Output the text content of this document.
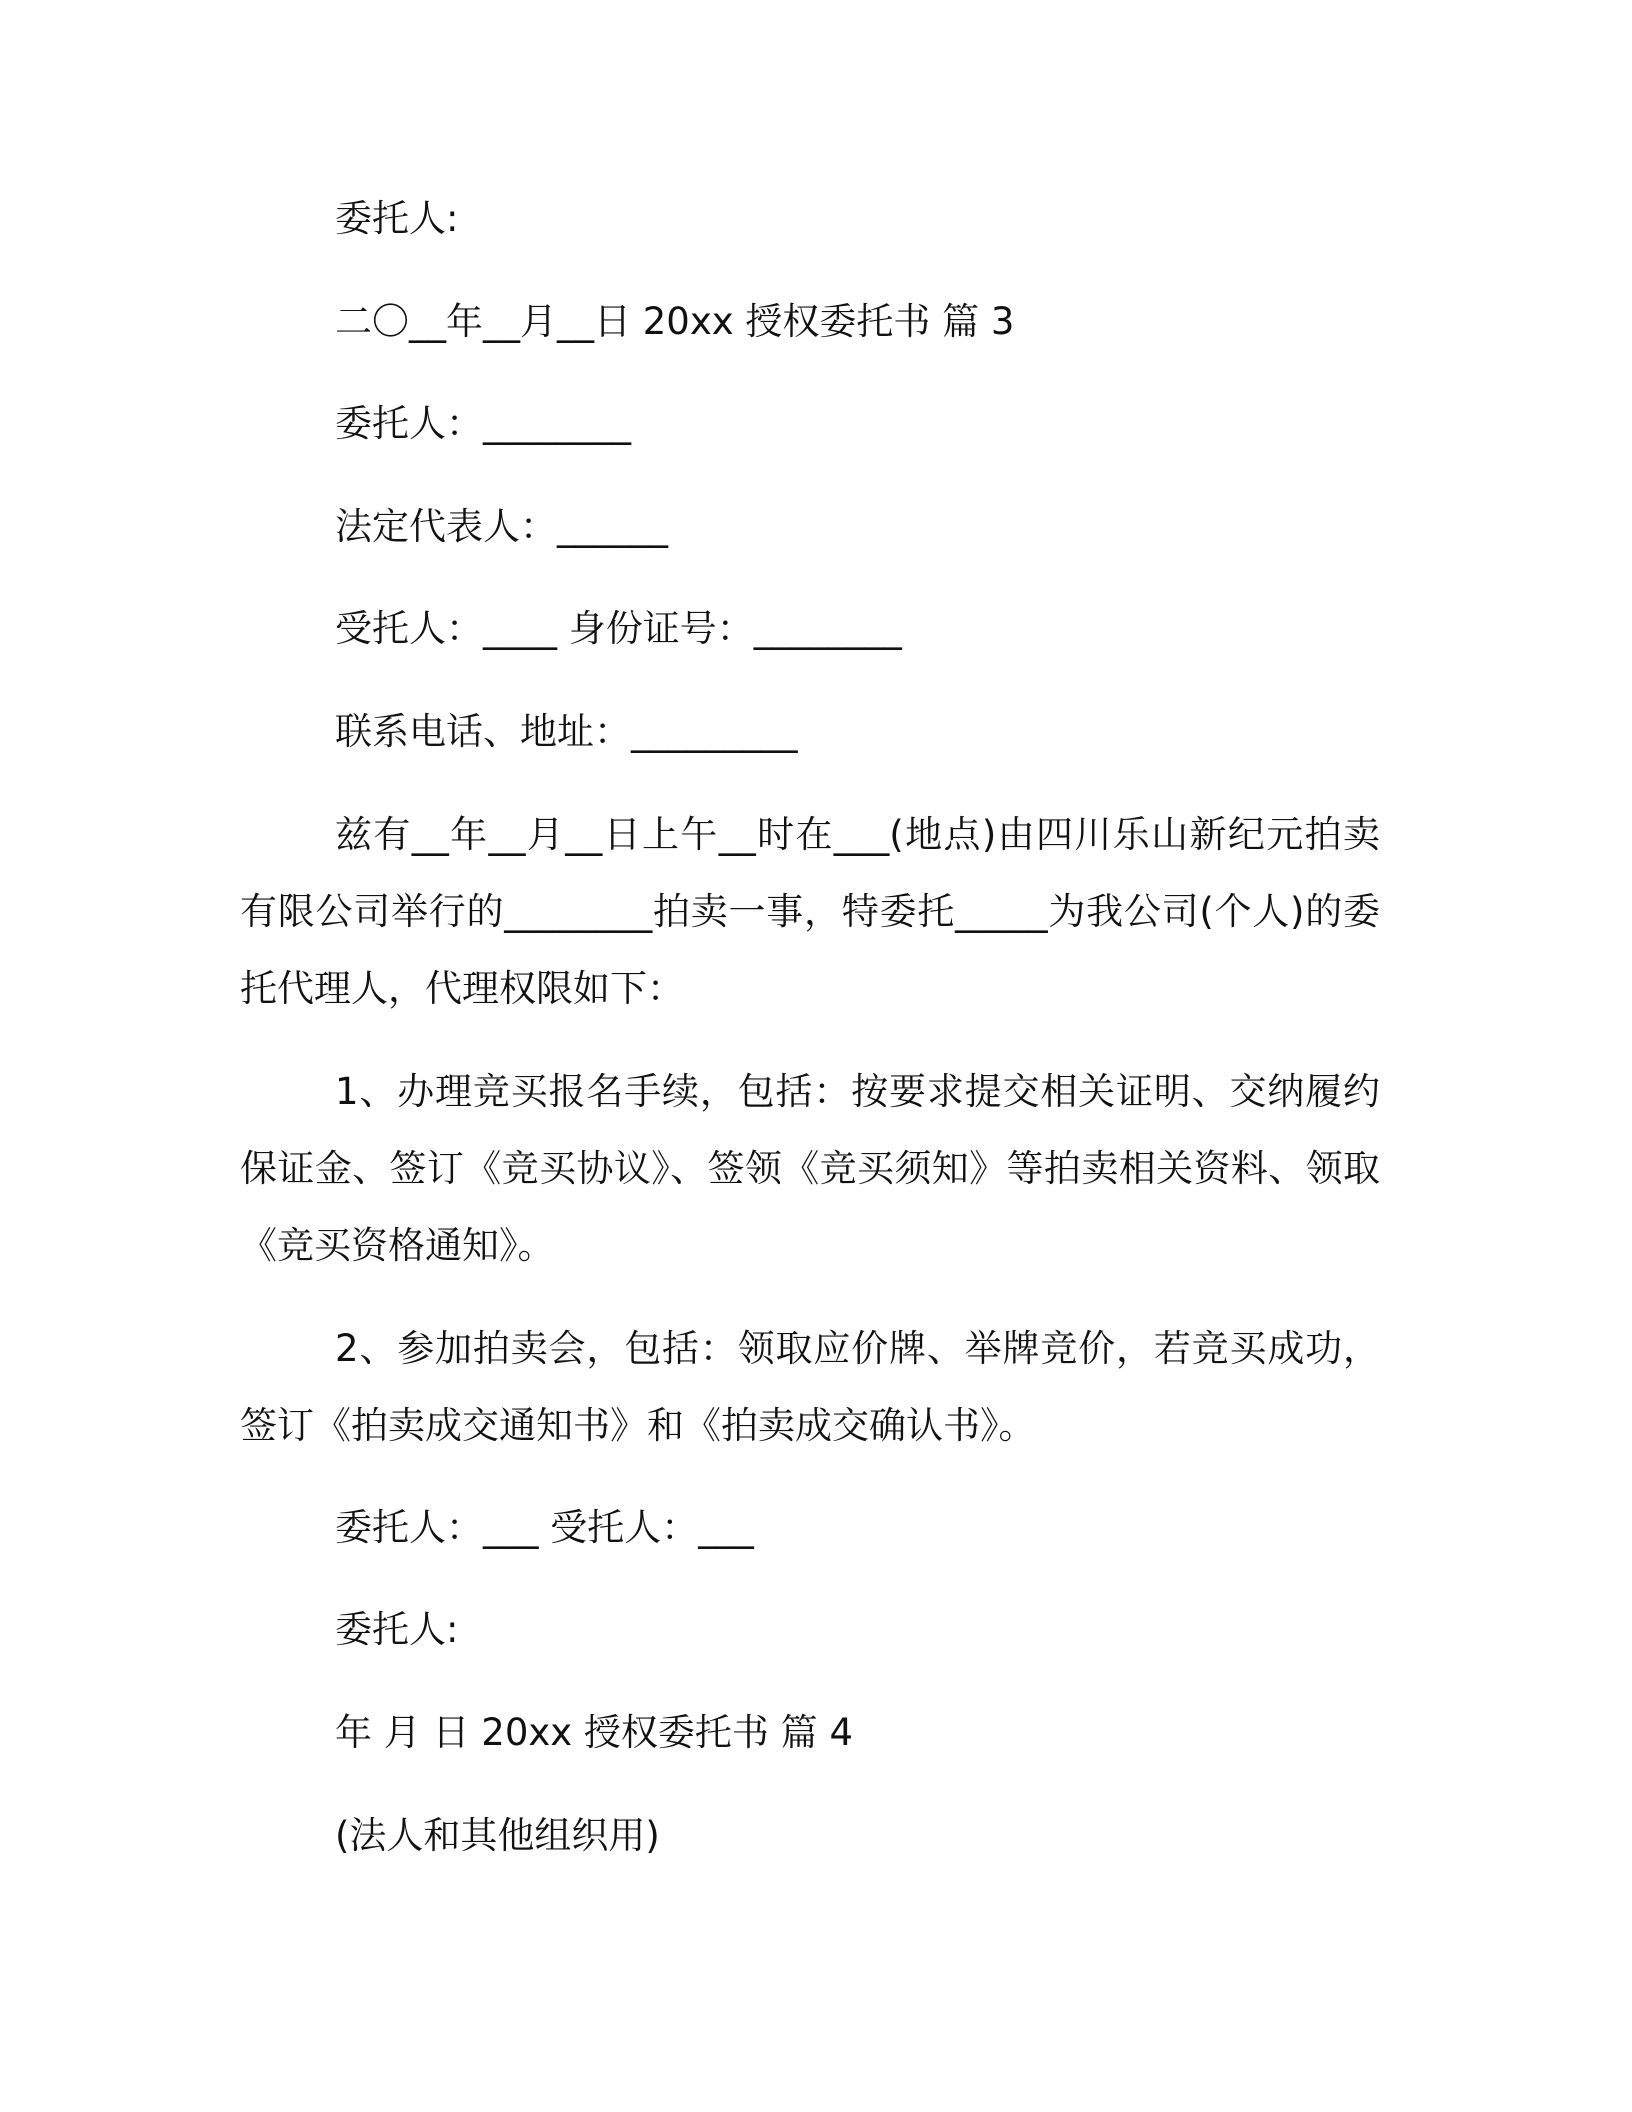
委托人:

二〇__年__月__日 20xx 授权委托书 篇 3

委托人：________

法定代表人：______

受托人：____ 身份证号：________

联系电话、地址：_________

兹有__年__月__日上午__时在___(地点)由四川乐山新纪元拍卖有限公司举行的________拍卖一事，特委托_____为我公司(个人)的委托代理人，代理权限如下：

1、办理竞买报名手续，包括：按要求提交相关证明、交纳履约保证金、签订《竞买协议》、签领《竞买须知》等拍卖相关资料、领取《竞买资格通知》。

2、参加拍卖会，包括：领取应价牌、举牌竞价，若竞买成功，签订《拍卖成交通知书》和《拍卖成交确认书》。

委托人：___ 受托人：___

委托人:

年 月 日 20xx 授权委托书 篇 4

(法人和其他组织用)
